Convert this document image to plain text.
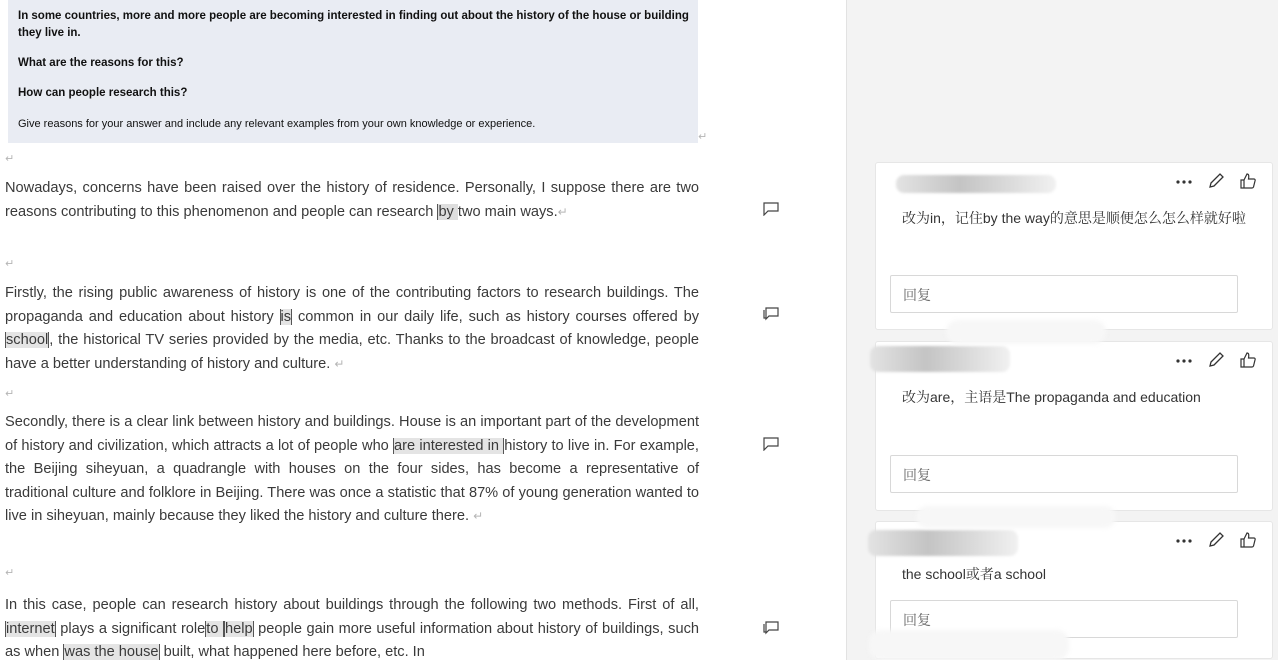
In some countries, more and more people are becoming interested in finding out about the history of the house or building they live in.
What are the reasons for this?
How can people research this?
Give reasons for your answer and include any relevant examples from your own knowledge or experience.
↵
↵
Nowadays, concerns have been raised over the history of residence. Personally, I suppose there are two reasons contributing to this phenomenon and people can research by two main ways.↵
↵
Firstly, the rising public awareness of history is one of the contributing factors to research buildings. The propaganda and education about history is common in our daily life, such as history courses offered by school, the historical TV series provided by the media, etc. Thanks to the broadcast of knowledge, people have a better understanding of history and culture. ↵
↵
Secondly, there is a clear link between history and buildings. House is an important part of the development of history and civilization, which attracts a lot of people who are interested in history to live in. For example, the Beijing siheyuan, a quadrangle with houses on the four sides, has become a representative of traditional culture and folklore in Beijing. There was once a statistic that 87% of young generation wanted to live in siheyuan, mainly because they liked the history and culture there. ↵
↵
In this case, people can research history about buildings through the following two methods. First of all, internet plays a significant roleto help people gain more useful information about history of buildings, such as when was the house built, what happened here before, etc. In
改为in，记住by the way的意思是顺便怎么怎么样就好啦
回复
改为are，主语是The propaganda and education
回复
the school或者a school
回复
